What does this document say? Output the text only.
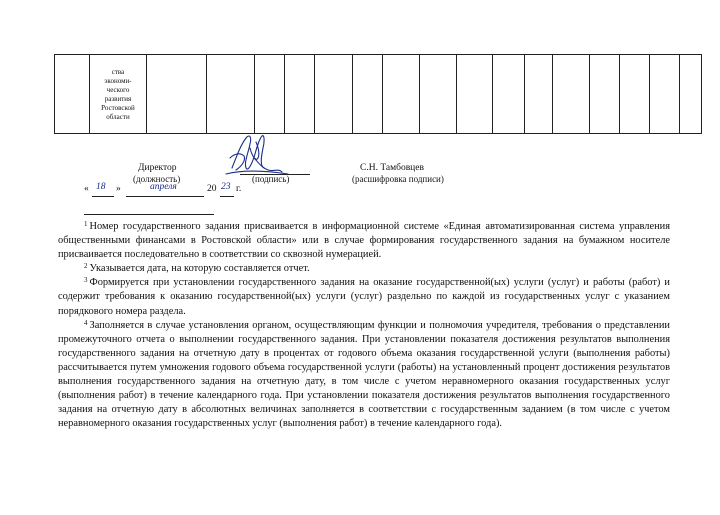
ства
экономи-
ческого
развития
Ростовской
области

Директор
(должность)	(подпись)
С.Н. Тамбовцев
(расшифровка подписи)
« 18 »	апреля	20 23 г.

$^1$ Номер государственного задания присваивается в информационной системе «Единая автоматизированная система управления общественными финансами в Ростовской области» или в случае формирования государственного задания на бумажном носителе присваивается последовательно в соответствии со сквозной нумерацией.

$^2$ Указывается дата, на которую составляется отчет.

$^3$ Формируется при установлении государственного задания на оказание государственной(ых) услуги (услуг) и работы (работ) и содержит требования к оказанию государственной(ых) услуги (услуг) раздельно по каждой из государственных услуг с указанием порядкового номера раздела.

$^4$ Заполняется в случае установления органом, осуществляющим функции и полномочия учредителя, требования о представлении промежуточного отчета о выполнении государственного задания. При установлении показателя достижения результатов выполнения государственного задания на отчетную дату в процентах от годового объема оказания государственной услуги (выполнения работы) рассчитывается путем умножения годового объема государственной услуги (работы) на установленный процент достижения результатов выполнения государственного задания на отчетную дату, в том числе с учетом неравномерного оказания государственных услуг (выполнения работ) в течение календарного года. При установлении показателя достижения результатов выполнения государственного задания на отчетную дату в абсолютных величинах заполняется в соответствии с государственным заданием (в том числе с учетом неравномерного оказания государственных услуг (выполнения работ) в течение календарного года).
